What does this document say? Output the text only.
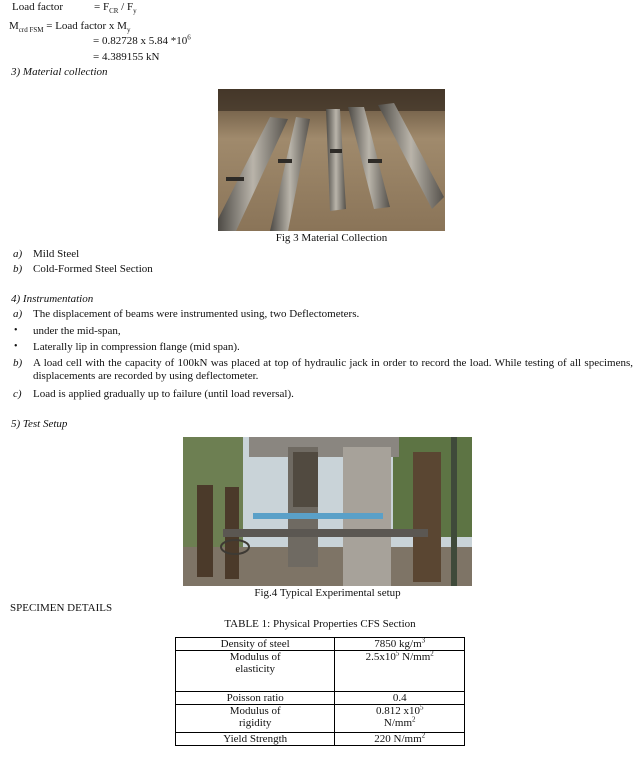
Load factor	= $F_{CR} / F_y$
$M_{crd FSM}$ = Load factor x $M_y$
= 0.82728 x 5.84 $*10^6$
= 4.389155 kN
3) Material collection
Fig 3 Material Collection
a) Mild Steel
b) Cold-Formed Steel Section
4) Instrumentation
a) The displacement of beams were instrumented using, two Deflectometers.
• under the mid-span,
• Laterally lip in compression flange (mid span).
b) A load cell with the capacity of 100kN was placed at top of hydraulic jack in order to record the load. While testing of all specimens, displacements are recorded by using deflectometer.
c) Load is applied gradually up to failure (until load reversal).
5) Test Setup
Fig.4 Typical Experimental setup
SPECIMEN DETAILS
TABLE 1: Physical Properties CFS Section
Density of steel	7850 $kg/m^3$
Modulus of elasticity	$2.5x10^5$ $N/mm^2$
Poisson ratio	0.4
Modulus of rigidity	0.812 $x10^5$ $N/mm^2$
Yield Strength	220 $N/mm^2$
